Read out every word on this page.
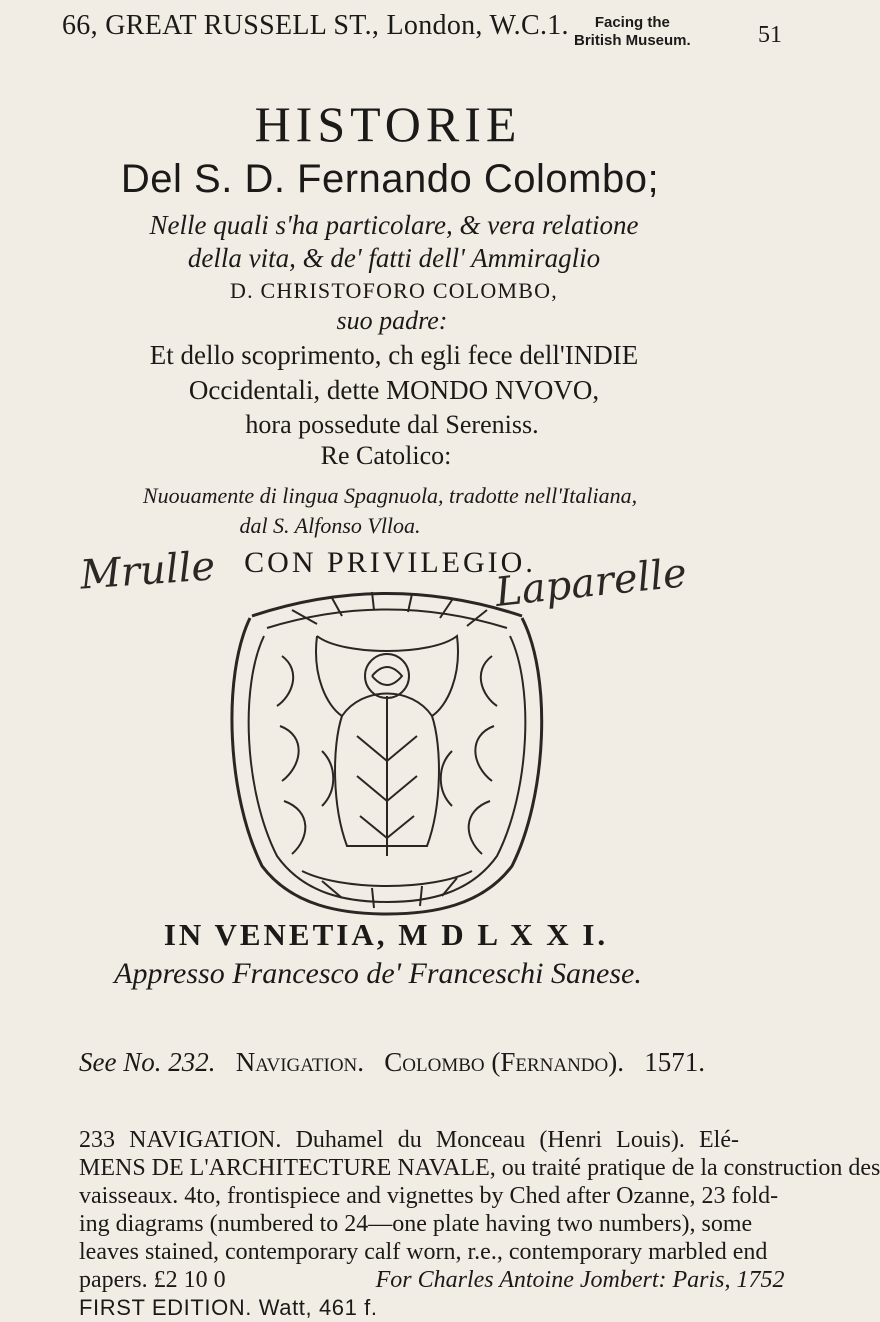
66, GREAT RUSSELL ST., London, W.C.1.	Facing the
British Museum.	51
HISTORIE
Del S. D. Fernando Colombo;
Nelle quali s'ha particolare, & vera relatione
della vita, & de' fatti dell' Ammiraglio
D. CHRISTOFORO COLOMBO,
suo padre:
Et dello scoprimento, ch egli fece dell'INDIE
Occidentali, dette MONDO NVOVO,
hora possedute dal Sereniss.
Re Catolico:
Nuouamente di lingua Spagnuola, tradotte nell'Italiana,
dal S. Alfonso Vlloa.
CON PRIVILEGIO.
Mrulle	Laparelle
IN VENETIA, M D L X X I.
Appresso Francesco de' Franceschi Sanese.
See No. 232. Navigation. Colombo (Fernando). 1571.
233 NAVIGATION. Duhamel du Monceau (Henri Louis). Elé-
MENS DE L'ARCHITECTURE NAVALE, ou traité pratique de la construction des
vaisseaux. 4to, frontispiece and vignettes by Ched after Ozanne, 23 fold-
ing diagrams (numbered to 24—one plate having two numbers), some
leaves stained, contemporary calf worn, r.e., contemporary marbled end
papers. £2 10 0	For Charles Antoine Jombert: Paris, 1752
FIRST EDITION. Watt, 461 f.
